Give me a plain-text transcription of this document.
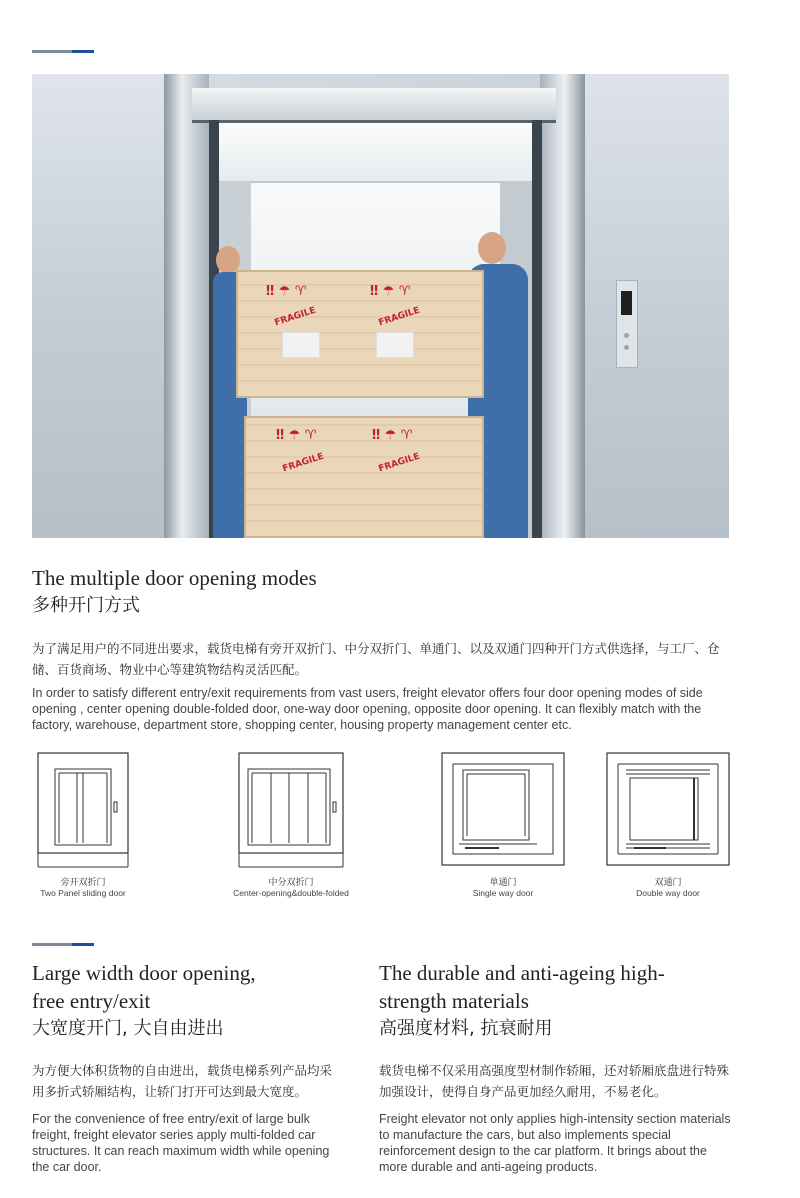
‼ ☂ ♈	‼ ☂ ♈
FRAGILE	FRAGILE
‼ ☂ ♈	‼ ☂ ♈
FRAGILE	FRAGILE
The multiple door opening modes
多种开门方式

为了满足用户的不同进出要求，载货电梯有旁开双折门、中分双折门、单通门、以及双通门四种开门方式供选择，与工厂、仓储、百货商场、物业中心等建筑物结构灵活匹配。

In order to satisfy different entry/exit requirements from vast users, freight elevator offers four door opening modes of side opening , center opening double-folded door, one-way door opening, opposite door opening. It can flexibly match with the factory, warehouse, department store, shopping center, housing property management center etc.

旁开双折门
Two Panel sliding door
中分双折门
Center-opening&double-folded
单通门
Single way door
双通门
Double way door
Large width door opening,
free entry/exit
大宽度开门, 大自由进出

为方便大体积货物的自由进出，载货电梯系列产品均采用多折式轿厢结构，让轿门打开可达到最大宽度。

For the convenience of free entry/exit of large bulk freight, freight elevator series apply multi-folded car structures. It can reach maximum width while opening the car door.

The durable and anti-ageing high-
strength materials
高强度材料, 抗衰耐用

载货电梯不仅采用高强度型材制作轿厢，还对轿厢底盘进行特殊加强设计，使得自身产品更加经久耐用，不易老化。

Freight elevator not only applies high-intensity section materials to manufacture the cars, but also implements special reinforcement design to the car platform. It brings about the more durable and anti-ageing products.
